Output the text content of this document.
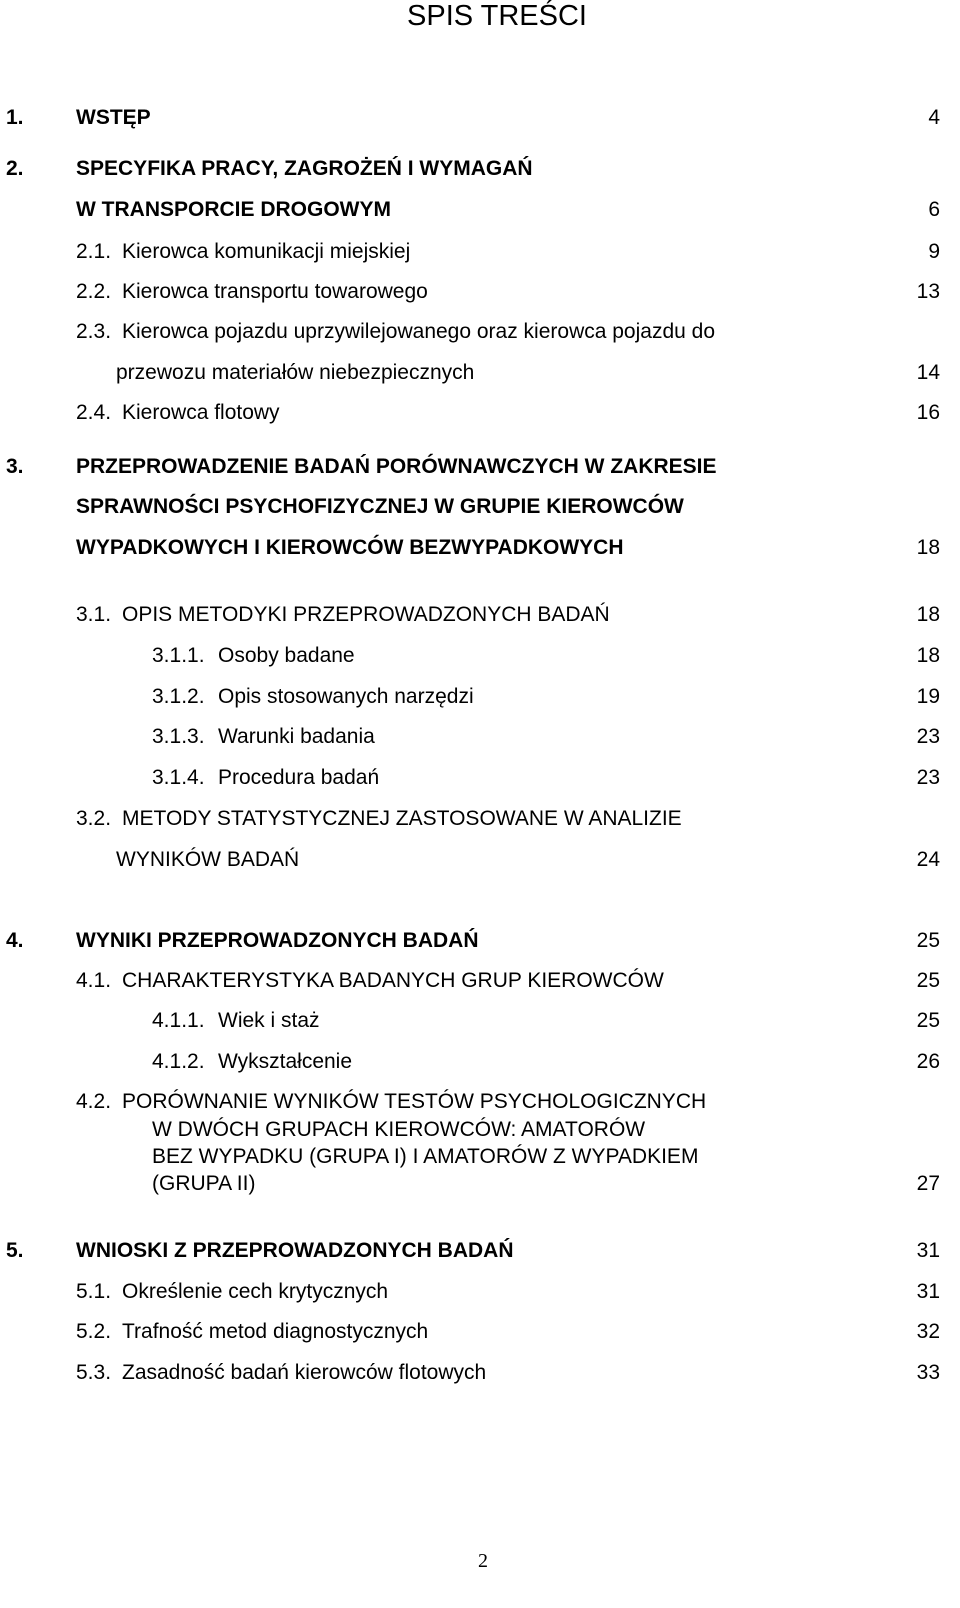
SPIS TREŚCI
1. WSTĘP	4
2. SPECYFIKA PRACY, ZAGROŻEŃ I WYMAGAŃ
W TRANSPORCIE DROGOWYM	6
2.1. Kierowca komunikacji miejskiej	9
2.2. Kierowca transportu towarowego	13
2.3. Kierowca pojazdu uprzywilejowanego oraz kierowca pojazdu do
przewozu materiałów niebezpiecznych	14
2.4. Kierowca flotowy	16
3. PRZEPROWADZENIE BADAŃ PORÓWNAWCZYCH W ZAKRESIE
SPRAWNOŚCI PSYCHOFIZYCZNEJ W GRUPIE KIEROWCÓW
WYPADKOWYCH I KIEROWCÓW BEZWYPADKOWYCH	18
3.1. OPIS METODYKI PRZEPROWADZONYCH BADAŃ	18
3.1.1. Osoby badane	18
3.1.2. Opis stosowanych narzędzi	19
3.1.3. Warunki badania	23
3.1.4. Procedura badań	23
3.2. METODY STATYSTYCZNEJ ZASTOSOWANE W ANALIZIE
WYNIKÓW BADAŃ	24
4. WYNIKI PRZEPROWADZONYCH BADAŃ	25
4.1. CHARAKTERYSTYKA BADANYCH GRUP KIEROWCÓW	25
4.1.1. Wiek i staż	25
4.1.2. Wykształcenie	26
4.2. PORÓWNANIE WYNIKÓW TESTÓW PSYCHOLOGICZNYCH
W DWÓCH GRUPACH KIEROWCÓW: AMATORÓW
BEZ WYPADKU (GRUPA I) I AMATORÓW Z WYPADKIEM
(GRUPA II)	27
5. WNIOSKI Z PRZEPROWADZONYCH BADAŃ	31
5.1. Określenie cech krytycznych	31
5.2. Trafność metod diagnostycznych	32
5.3. Zasadność badań kierowców flotowych	33
2
